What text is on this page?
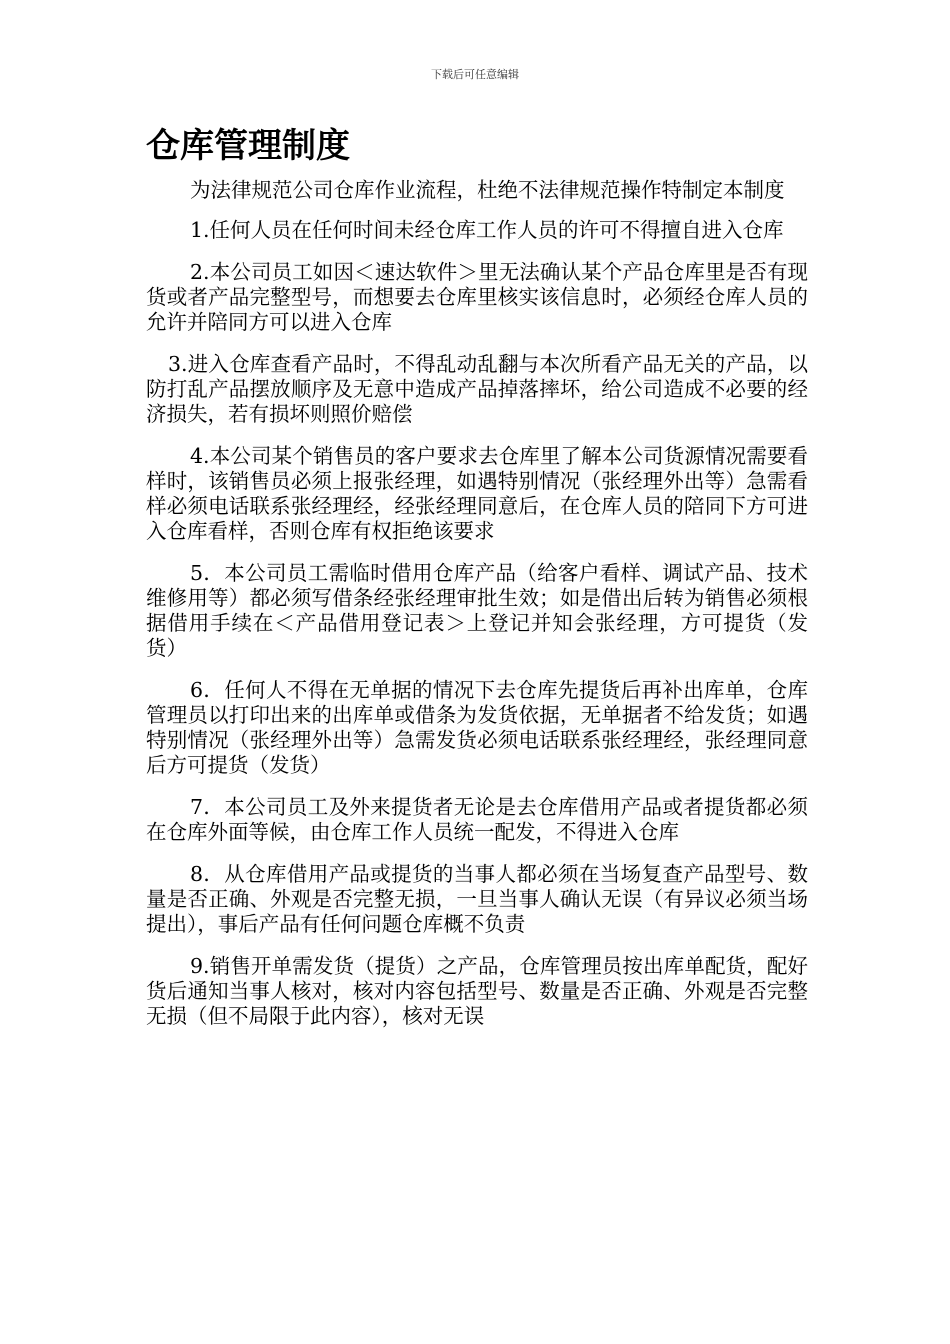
下载后可任意编辑
仓库管理制度

为法律规范公司仓库作业流程，杜绝不法律规范操作特制定本制度

1.任何人员在任何时间未经仓库工作人员的许可不得擅自进入仓库

2.本公司员工如因＜速达软件＞里无法确认某个产品仓库里是否有现货或者产品完整型号，而想要去仓库里核实该信息时，必须经仓库人员的允许并陪同方可以进入仓库

3.进入仓库查看产品时，不得乱动乱翻与本次所看产品无关的产品，以防打乱产品摆放顺序及无意中造成产品掉落摔坏，给公司造成不必要的经济损失，若有损坏则照价赔偿

4.本公司某个销售员的客户要求去仓库里了解本公司货源情况需要看样时，该销售员必须上报张经理，如遇特别情况（张经理外出等）急需看样必须电话联系张经理经，经张经理同意后，在仓库人员的陪同下方可进入仓库看样，否则仓库有权拒绝该要求

5．本公司员工需临时借用仓库产品（给客户看样、调试产品、技术维修用等）都必须写借条经张经理审批生效；如是借出后转为销售必须根据借用手续在＜产品借用登记表＞上登记并知会张经理，方可提货（发货）

6．任何人不得在无单据的情况下去仓库先提货后再补出库单，仓库管理员以打印出来的出库单或借条为发货依据，无单据者不给发货；如遇特别情况（张经理外出等）急需发货必须电话联系张经理经，张经理同意后方可提货（发货）

7．本公司员工及外来提货者无论是去仓库借用产品或者提货都必须在仓库外面等候，由仓库工作人员统一配发，不得进入仓库

8．从仓库借用产品或提货的当事人都必须在当场复查产品型号、数量是否正确、外观是否完整无损，一旦当事人确认无误（有异议必须当场提出），事后产品有任何问题仓库概不负责

9.销售开单需发货（提货）之产品，仓库管理员按出库单配货，配好货后通知当事人核对，核对内容包括型号、数量是否正确、外观是否完整无损（但不局限于此内容），核对无误
